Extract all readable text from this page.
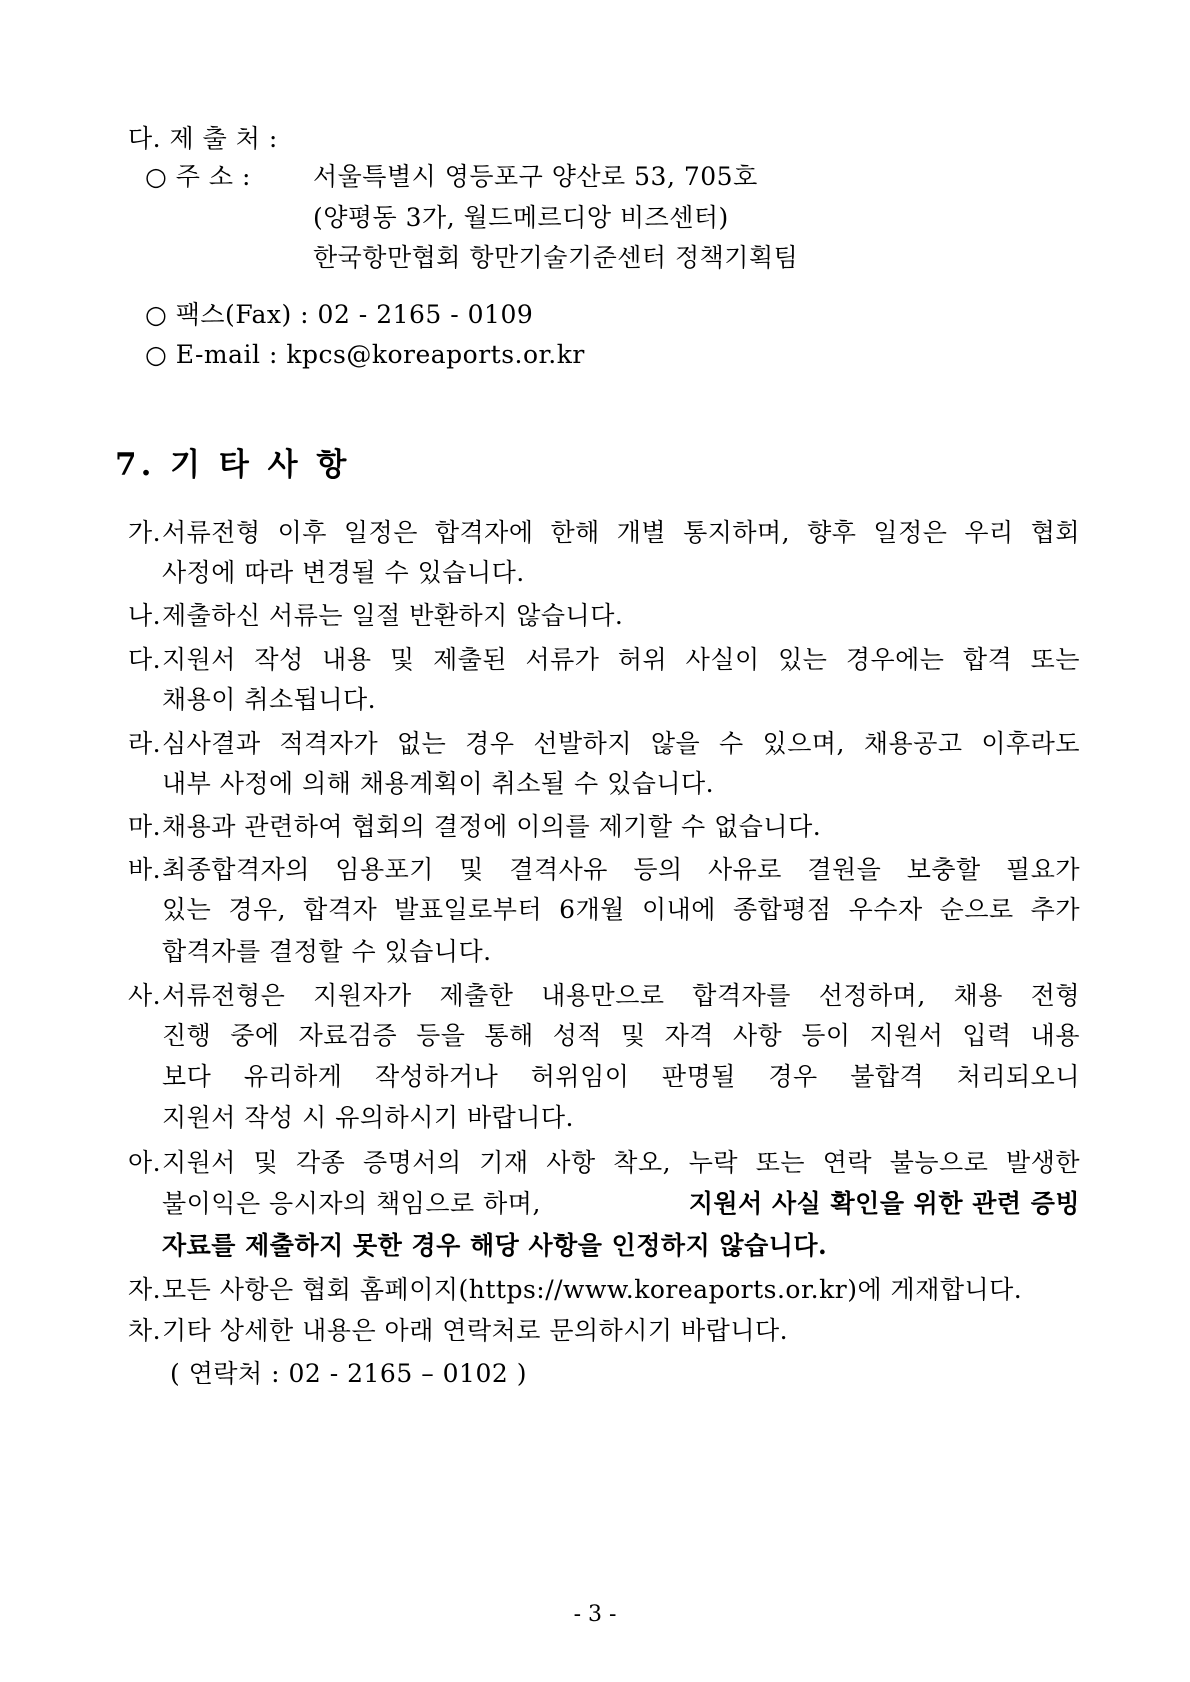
다. 제 출 처 :
○ 주 소 : 서울특별시 영등포구 양산로 53, 705호
(양평동 3가, 월드메르디앙 비즈센터)
한국항만협회 항만기술기준센터 정책기획팀
○ 팩스(Fax) : 02 - 2165 - 0109
○ E-mail : kpcs@koreaports.or.kr
7. 기 타 사 항
가. 서류전형 이후 일정은 합격자에 한해 개별 통지하며, 향후 일정은 우리 협회
사정에 따라 변경될 수 있습니다.
나. 제출하신 서류는 일절 반환하지 않습니다.
다. 지원서 작성 내용 및 제출된 서류가 허위 사실이 있는 경우에는 합격 또는
채용이 취소됩니다.
라. 심사결과 적격자가 없는 경우 선발하지 않을 수 있으며, 채용공고 이후라도
내부 사정에 의해 채용계획이 취소될 수 있습니다.
마. 채용과 관련하여 협회의 결정에 이의를 제기할 수 없습니다.
바. 최종합격자의 임용포기 및 결격사유 등의 사유로 결원을 보충할 필요가
있는 경우, 합격자 발표일로부터 6개월 이내에 종합평점 우수자 순으로 추가
합격자를 결정할 수 있습니다.
사. 서류전형은 지원자가 제출한 내용만으로 합격자를 선정하며, 채용 전형
진행 중에 자료검증 등을 통해 성적 및 자격 사항 등이 지원서 입력 내용
보다 유리하게 작성하거나 허위임이 판명될 경우 불합격 처리되오니
지원서 작성 시 유의하시기 바랍니다.
아. 지원서 및 각종 증명서의 기재 사항 착오, 누락 또는 연락 불능으로 발생한
불이익은 응시자의 책임으로 하며,	지원서 사실 확인을 위한 관련 증빙
자료를 제출하지 못한 경우 해당 사항을 인정하지 않습니다.
자. 모든 사항은 협회 홈페이지(https://www.koreaports.or.kr)에 게재합니다.
차. 기타 상세한 내용은 아래 연락처로 문의하시기 바랍니다.
( 연락처 : 02 - 2165 – 0102 )
- 3 -
